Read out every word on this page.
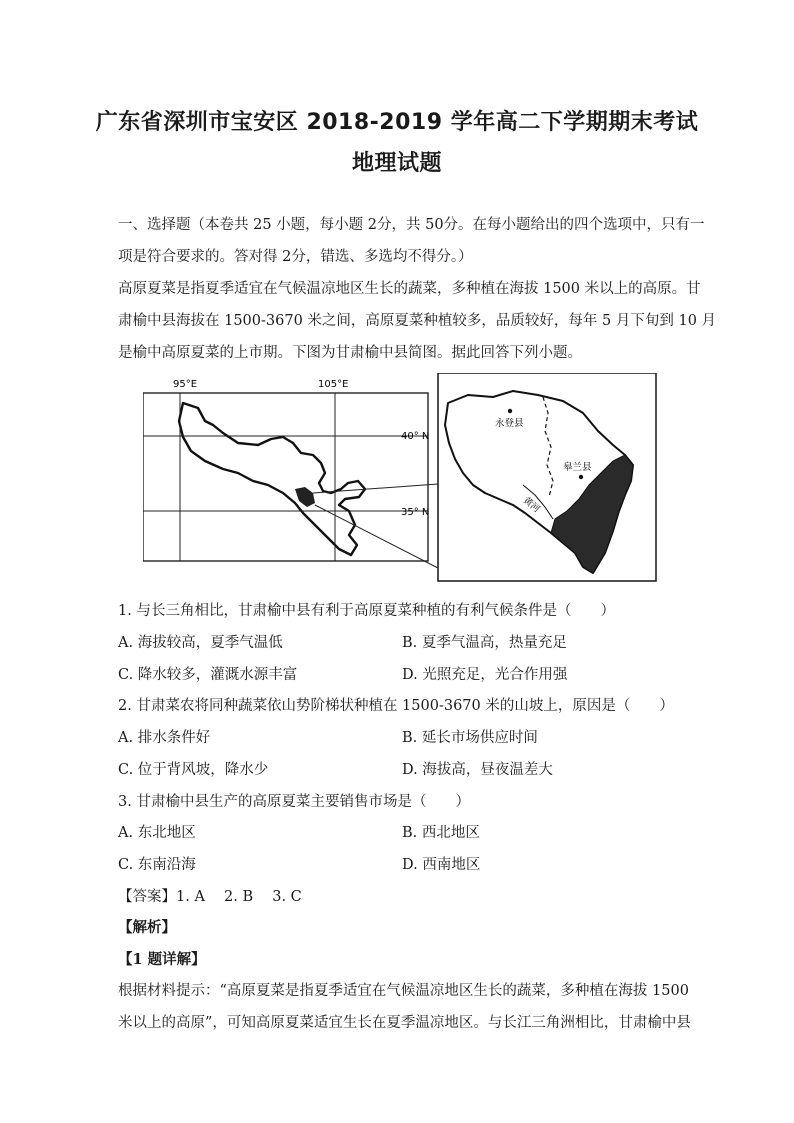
广东省深圳市宝安区 2018-2019 学年高二下学期期末考试
地理试题
一、选择题（本卷共 25 小题，每小题 2分，共 50分。在每小题给出的四个选项中，只有一
项是符合要求的。答对得 2分，错选、多选均不得分。）
高原夏菜是指夏季适宜在气候温凉地区生长的蔬菜，多种植在海拔 1500 米以上的高原。甘
肃榆中县海拔在 1500-3670 米之间，高原夏菜种植较多，品质较好，每年 5 月下旬到 10 月
是榆中高原夏菜的上市期。下图为甘肃榆中县简图。据此回答下列小题。
95°E	105°E
40° N
35° N
永登县
皋兰县
黄河
1. 与长三角相比，甘肃榆中县有利于高原夏菜种植的有利气候条件是（　　）
A. 海拔较高，夏季气温低	B. 夏季气温高，热量充足
C. 降水较多，灌溉水源丰富	D. 光照充足，光合作用强
2. 甘肃菜农将同种蔬菜依山势阶梯状种植在 1500-3670 米的山坡上，原因是（　　）
A. 排水条件好	B. 延长市场供应时间
C. 位于背风坡，降水少	D. 海拔高，昼夜温差大
3. 甘肃榆中县生产的高原夏菜主要销售市场是（　　）
A. 东北地区	B. 西北地区
C. 东南沿海	D. 西南地区
【答案】1. A　 2. B　 3. C
【解析】
【1 题详解】
根据材料提示：“高原夏菜是指夏季适宜在气候温凉地区生长的蔬菜，多种植在海拔 1500
米以上的高原”，可知高原夏菜适宜生长在夏季温凉地区。与长江三角洲相比，甘肃榆中县
